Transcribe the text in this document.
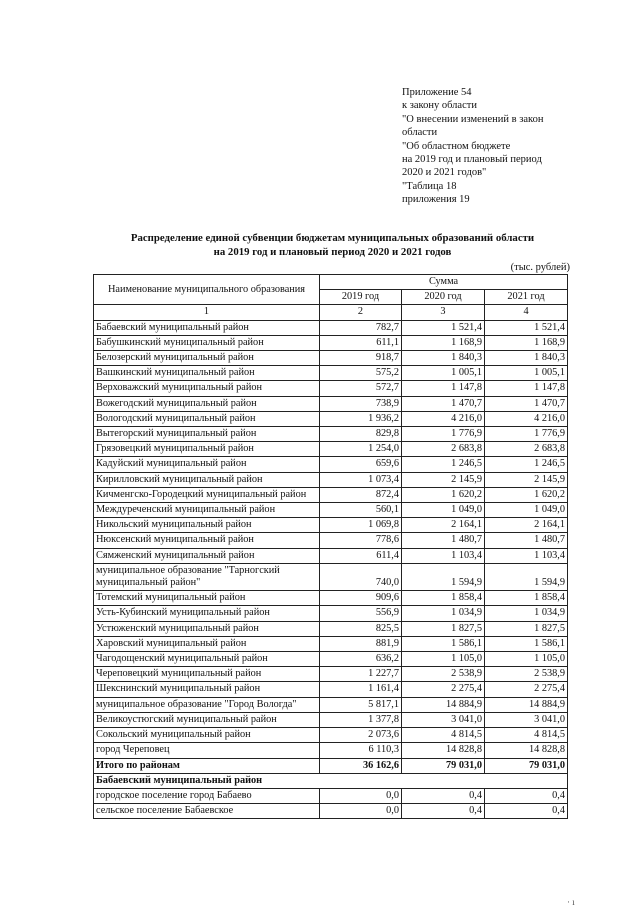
Приложение 54
к закону области
"О внесении изменений в закон
области
"Об областном бюджете
на 2019 год и плановый период
2020 и 2021 годов"
"Таблица 18
приложения 19
Распределение единой субвенции бюджетам муниципальных образований области
на 2019 год и плановый период 2020 и 2021 годов
(тыс. рублей)
Наименование муниципального образования	Сумма		
	2019 год	2020 год	2021 год
1	2	3	4
Бабаевский муниципальный район	782,7	1 521,4	1 521,4
Бабушкинский муниципальный район	611,1	1 168,9	1 168,9
Белозерский муниципальный район	918,7	1 840,3	1 840,3
Вашкинский муниципальный район	575,2	1 005,1	1 005,1
Верховажский муниципальный район	572,7	1 147,8	1 147,8
Вожегодский муниципальный район	738,9	1 470,7	1 470,7
Вологодский муниципальный район	1 936,2	4 216,0	4 216,0
Вытегорский муниципальный район	829,8	1 776,9	1 776,9
Грязовецкий муниципальный район	1 254,0	2 683,8	2 683,8
Кадуйский муниципальный район	659,6	1 246,5	1 246,5
Кирилловский муниципальный район	1 073,4	2 145,9	2 145,9
Кичменгско-Городецкий муниципальный район	872,4	1 620,2	1 620,2
Междуреченский муниципальный район	560,1	1 049,0	1 049,0
Никольский муниципальный район	1 069,8	2 164,1	2 164,1
Нюксенский муниципальный район	778,6	1 480,7	1 480,7
Сямженский муниципальный район	611,4	1 103,4	1 103,4
муниципальное образование "Тарногский муниципальный район"	740,0	1 594,9	1 594,9
Тотемский муниципальный район	909,6	1 858,4	1 858,4
Усть-Кубинский муниципальный район	556,9	1 034,9	1 034,9
Устюженский муниципальный район	825,5	1 827,5	1 827,5
Харовский муниципальный район	881,9	1 586,1	1 586,1
Чагодощенский муниципальный район	636,2	1 105,0	1 105,0
Череповецкий муниципальный район	1 227,7	2 538,9	2 538,9
Шекснинский муниципальный район	1 161,4	2 275,4	2 275,4
муниципальное образование "Город Вологда"	5 817,1	14 884,9	14 884,9
Великоустюгский муниципальный район	1 377,8	3 041,0	3 041,0
Сокольский муниципальный район	2 073,6	4 814,5	4 814,5
город Череповец	6 110,3	14 828,8	14 828,8
Итого по районам	36 162,6	79 031,0	79 031,0
Бабаевский муниципальный район			
городское поселение город Бабаево	0,0	0,4	0,4
сельское поселение Бабаевское	0,0	0,4	0,4
· ı
